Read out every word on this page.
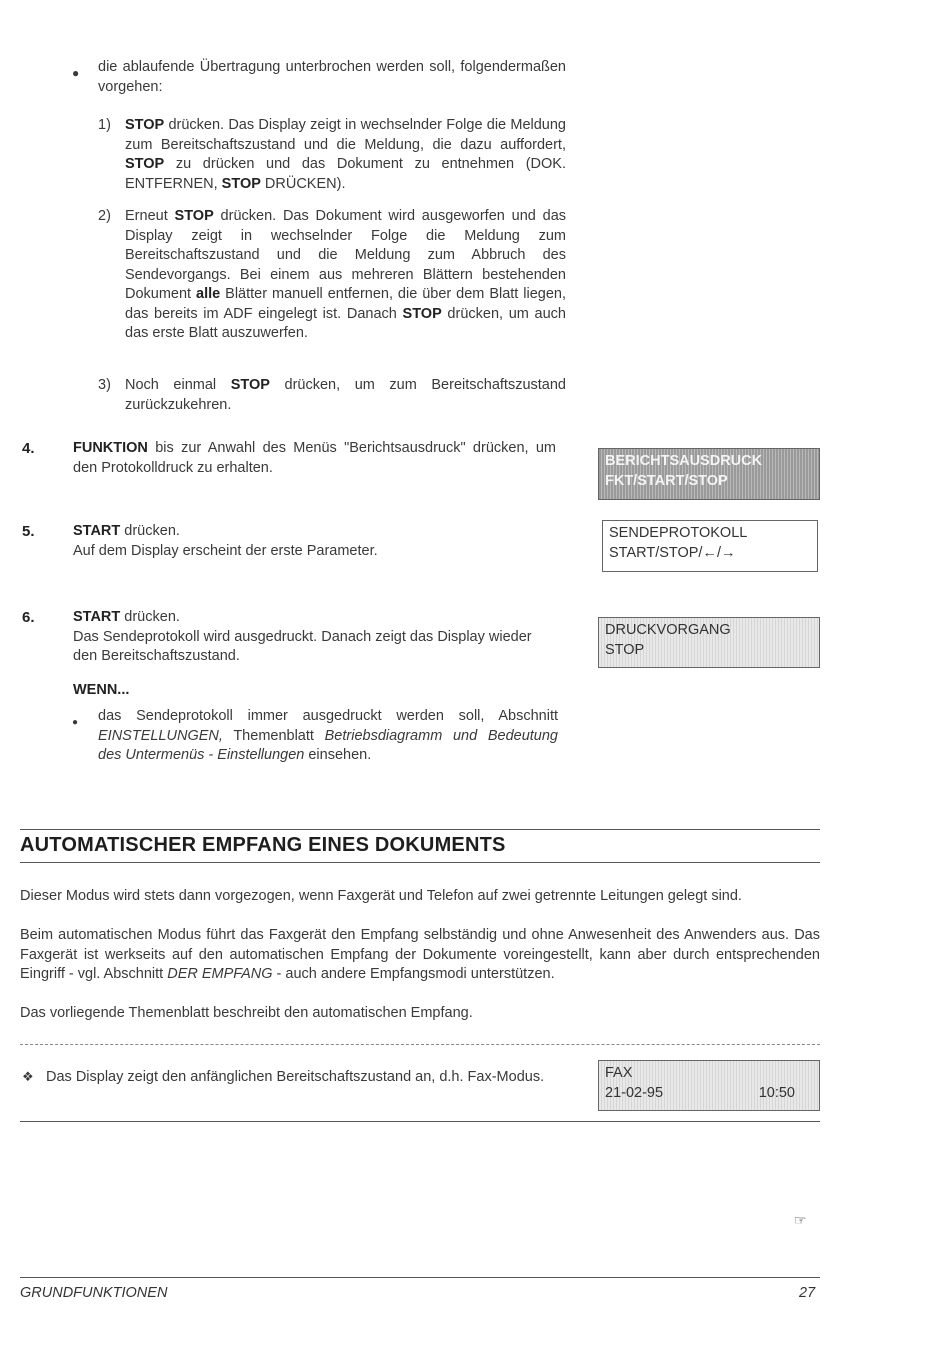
● die ablaufende Übertragung unterbrochen werden soll, folgendermaßen vorgehen:
1) STOP drücken. Das Display zeigt in wechselnder Folge die Meldung zum Bereitschaftszustand und die Meldung, die dazu auffordert, STOP zu drücken und das Dokument zu entnehmen (DOK. ENTFERNEN, STOP DRÜCKEN).
2) Erneut STOP drücken. Das Dokument wird ausgeworfen und das Display zeigt in wechselnder Folge die Meldung zum Bereitschaftszustand und die Meldung zum Abbruch des Sendevorgangs. Bei einem aus mehreren Blättern bestehenden Dokument alle Blätter manuell entfernen, die über dem Blatt liegen, das bereits im ADF eingelegt ist. Danach STOP drücken, um auch das erste Blatt auszuwerfen.
3) Noch einmal STOP drücken, um zum Bereitschaftszustand zurückzukehren.
4.	FUNKTION bis zur Anwahl des Menüs "Berichtsausdruck" drücken, um den Protokolldruck zu erhalten.	BERICHTSAUSDRUCK
FKT/START/STOP
5.	START drücken.
Auf dem Display erscheint der erste Parameter.
SENDEPROTOKOLL
START/STOP/←/→
6.	START drücken.
Das Sendeprotokoll wird ausgedruckt. Danach zeigt das Display wieder den Bereitschaftszustand.
DRUCKVORGANG
STOP
WENN...
● das Sendeprotokoll immer ausgedruckt werden soll, Abschnitt EINSTELLUNGEN, Themenblatt Betriebsdiagramm und Bedeutung des Untermenüs - Einstellungen einsehen.
AUTOMATISCHER EMPFANG EINES DOKUMENTS
Dieser Modus wird stets dann vorgezogen, wenn Faxgerät und Telefon auf zwei getrennte Leitungen gelegt sind.
Beim automatischen Modus führt das Faxgerät den Empfang selbständig und ohne Anwesenheit des Anwenders aus. Das Faxgerät ist werkseits auf den automatischen Empfang der Dokumente voreingestellt, kann aber durch entsprechenden Eingriff - vgl. Abschnitt DER EMPFANG - auch andere Empfangsmodi unterstützen.
Das vorliegende Themenblatt beschreibt den automatischen Empfang.
❖ Das Display zeigt den anfänglichen Bereitschaftszustand an, d.h. Fax-Modus.	FAX
21-02-95	10:50
☞
GRUNDFUNKTIONEN	27
